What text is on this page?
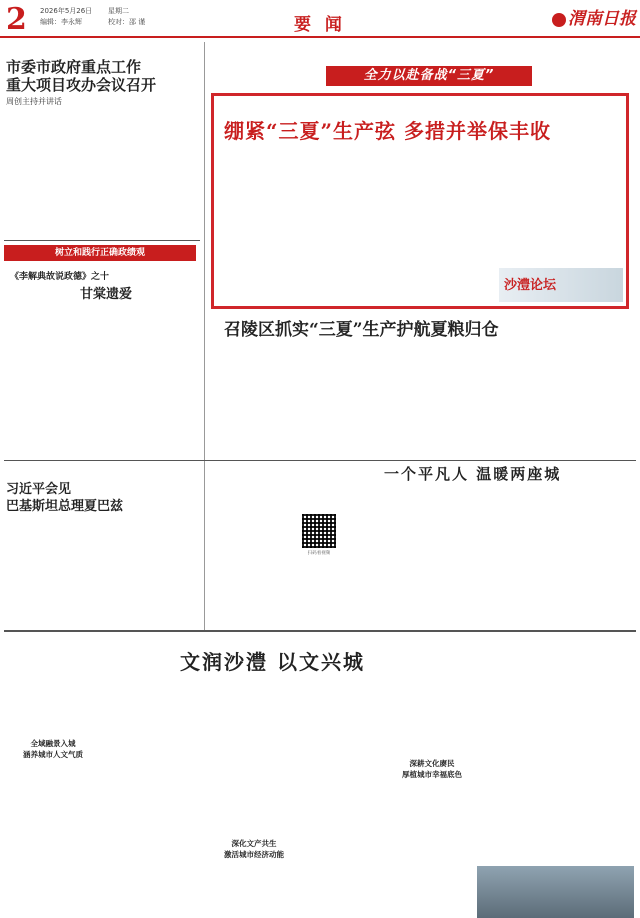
2 2026年5月26日
编辑：李永辉
星期二
校对：邵 谨	要 闻	渭南日报
市委市政府重点工作
重大项目攻办会议召开
周创主持并讲话
树立和践行正确政绩观
《李解典故说政德》之十
甘棠遗爱
全力以赴备战“三夏”
绷紧“三夏”生产弦 多措并举保丰收
沙澧论坛
召陵区抓实“三夏”生产护航夏粮归仓
一个平凡人 温暖两座城
扫码看视频
习近平会见
巴基斯坦总理夏巴兹
文润沙澧 以文兴城
全域融景入城
涵养城市人文气质
深化文产共生
激活城市经济动能
深耕文化赓民
厚植城市幸福底色
